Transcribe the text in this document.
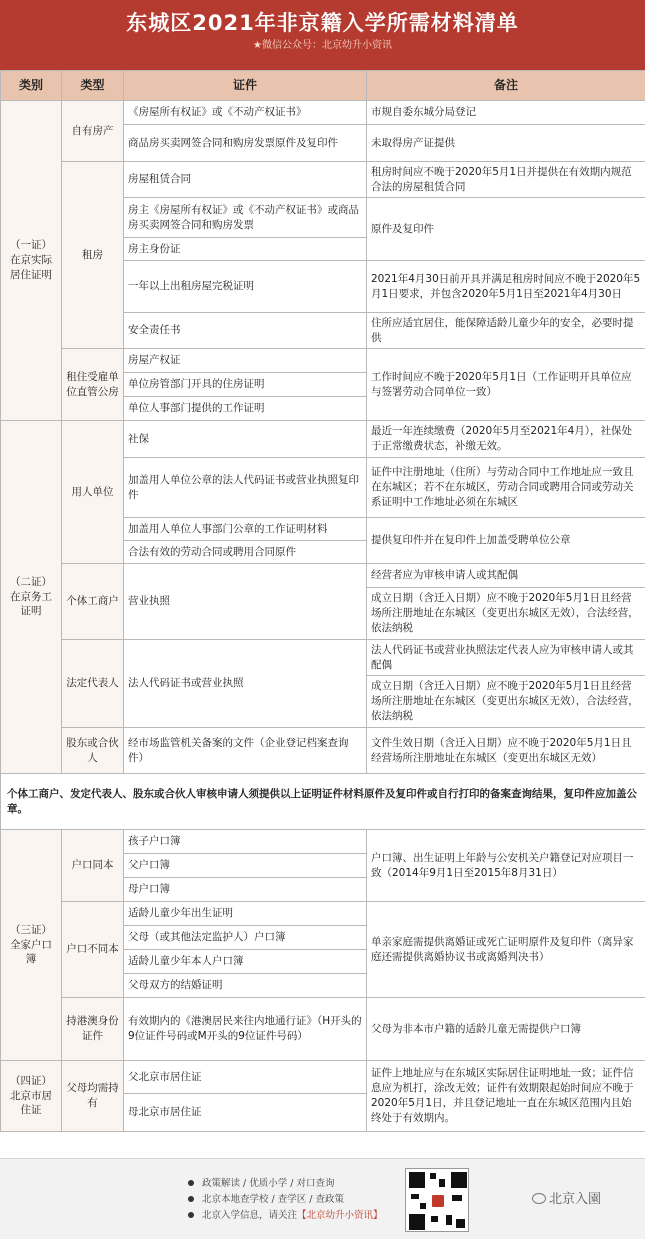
东城区2021年非京籍入学所需材料清单
★微信公众号：北京幼升小资讯
类别	类型	证件	备注
（一证）在京实际居住证明	自有房产	《房屋所有权证》或《不动产权证书》	市规自委东城分局登记
		商品房买卖网签合同和购房发票原件及复印件	未取得房产证提供
	租房	房屋租赁合同	租房时间应不晚于2020年5月1日并提供在有效期内规范合法的房屋租赁合同
		房主《房屋所有权证》或《不动产权证书》或商品房买卖网签合同和购房发票	原件及复印件
		房主身份证	
		一年以上出租房屋完税证明	2021年4月30日前开具并满足租房时间应不晚于2020年5月1日要求，并包含2020年5月1日至2021年4月30日
		安全责任书	住所应适宜居住，能保障适龄儿童少年的安全，必要时提供

	租住受雇单位直管公房	房屋产权证	工作时间应不晚于2020年5月1日（工作证明开具单位应与签署劳动合同单位一致）
		单位房管部门开具的住房证明	
		单位人事部门提供的工作证明	
（二证）在京务工证明	用人单位	社保	最近一年连续缴费（2020年5月至2021年4月），社保处于正常缴费状态，补缴无效。
		加盖用人单位公章的法人代码证书或营业执照复印件	证件中注册地址（住所）与劳动合同中工作地址应一致且在东城区；若不在东城区，劳动合同或聘用合同或劳动关系证明中工作地址必须在东城区
		加盖用人单位人事部门公章的工作证明材料	提供复印件并在复印件上加盖受聘单位公章
		合法有效的劳动合同或聘用合同原件	
	个体工商户	营业执照	经营者应为审核申请人或其配偶
			成立日期（含迁入日期）应不晚于2020年5月1日且经营场所注册地址在东城区（变更出东城区无效），合法经营，依法纳税
	法定代表人	法人代码证书或营业执照	法人代码证书或营业执照法定代表人应为审核申请人或其配偶
			成立日期（含迁入日期）应不晚于2020年5月1日且经营场所注册地址在东城区（变更出东城区无效），合法经营，依法纳税
	股东或合伙人	经市场监管机关备案的文件（企业登记档案查询件）	文件生效日期（含迁入日期）应不晚于2020年5月1日且经营场所注册地址在东城区（变更出东城区无效）

个体工商户、发定代表人、股东或合伙人审核申请人须提供以上证明证件材料原件及复印件或自行打印的备案查询结果，复印件应加盖公章。			
（三证）全家户口簿	户口同本	孩子户口簿	户口簿、出生证明上年龄与公安机关户籍登记对应项目一致（2014年9月1日至2015年8月31日）
		父户口簿	
		母户口簿	
	户口不同本	适龄儿童少年出生证明	单亲家庭需提供离婚证或死亡证明原件及复印件（离异家庭还需提供离婚协议书或离婚判决书）
		父母（或其他法定监护人）户口簿	
		适龄儿童少年本人户口簿	
		父母双方的结婚证明	
	持港澳身份证件	有效期内的《港澳居民来往内地通行证》（H开头的9位证件号码或M开头的9位证件号码）	父母为非本市户籍的适龄儿童无需提供户口簿
（四证）北京市居住证	父母均需持有	父北京市居住证	证件上地址应与在东城区实际居住证明地址一致；证件信息应为机打，涂改无效；证件有效期限起始时间应不晚于2020年5月1日，并且登记地址一直在东城区范围内且始终处于有效期内。
		母北京市居住证	
政策解读 / 优质小学 / 对口查询
北京本地查学校 / 查学区 / 查政策
北京入学信息，请关注【北京幼升小资讯】
北京入園
